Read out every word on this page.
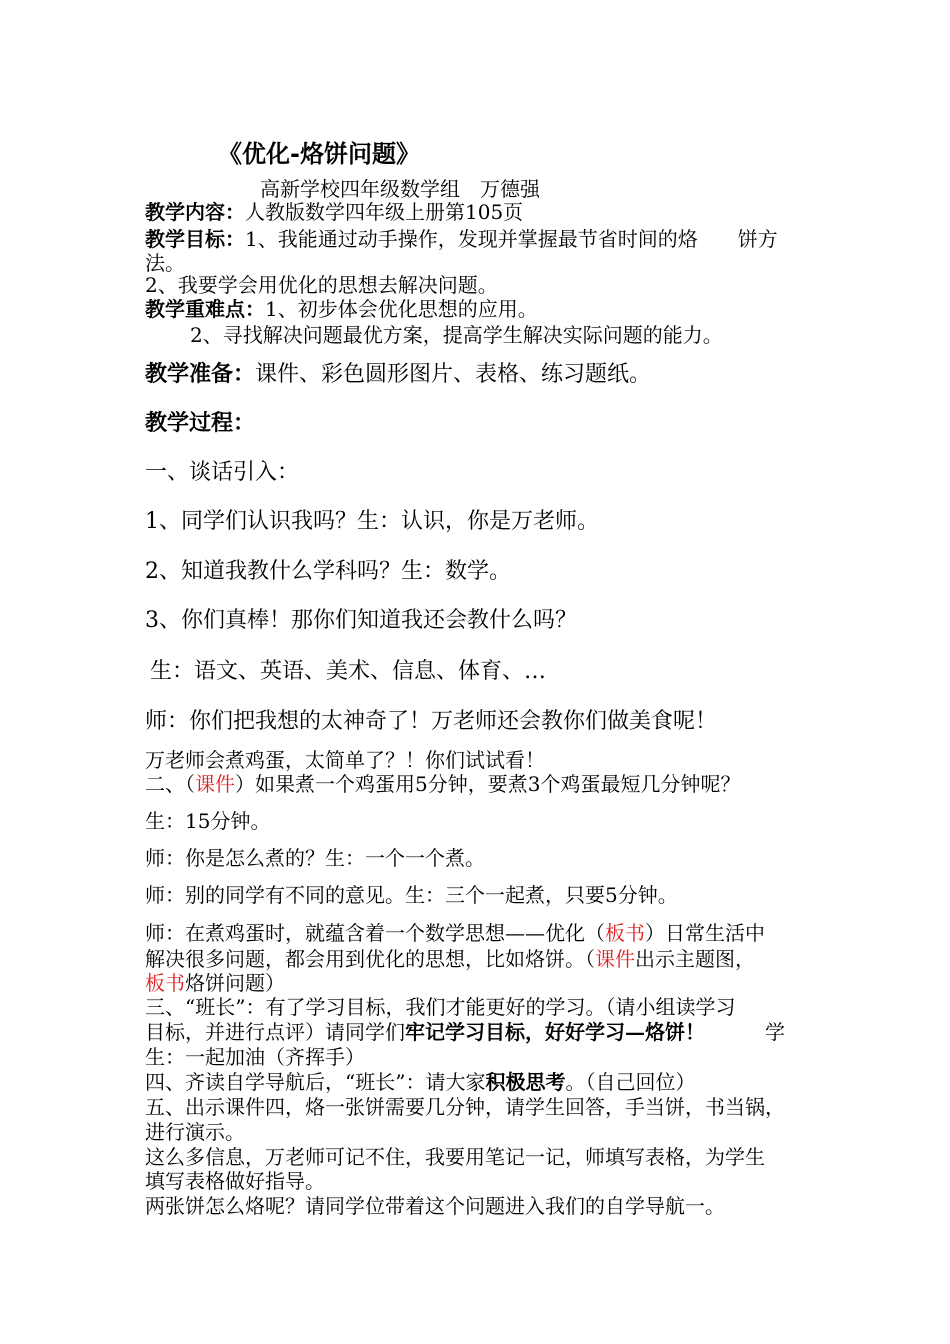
《优化-烙饼问题》

高新学校四年级数学组　万德强

教学内容：人教版数学四年级上册第105页

教学目标：1、我能通过动手操作，发现并掌握最节省时间的烙　　饼方

法。

2、我要学会用优化的思想去解决问题。

教学重难点：1、初步体会优化思想的应用。

2、寻找解决问题最优方案，提高学生解决实际问题的能力。

教学准备：课件、彩色圆形图片、表格、练习题纸。

教学过程：

一、谈话引入：

1、同学们认识我吗？生：认识，你是万老师。

2、知道我教什么学科吗？生：数学。

3、你们真棒！那你们知道我还会教什么吗？

生：语文、英语、美术、信息、体育、…

师：你们把我想的太神奇了！万老师还会教你们做美食呢！

万老师会煮鸡蛋，太简单了？！你们试试看！

二、（课件）如果煮一个鸡蛋用5分钟，要煮3个鸡蛋最短几分钟呢？

生：15分钟。

师：你是怎么煮的？生：一个一个煮。

师：别的同学有不同的意见。生：三个一起煮，只要5分钟。

师：在煮鸡蛋时，就蕴含着一个数学思想——优化（板书）日常生活中

解决很多问题，都会用到优化的思想，比如烙饼。（课件出示主题图，

板书烙饼问题）

三、“班长”：有了学习目标，我们才能更好的学习。（请小组读学习

目标，并进行点评）请同学们牢记学习目标，好好学习—烙饼！　　　学

生：一起加油（齐挥手）

四、齐读自学导航后，“班长”：请大家积极思考。（自己回位）

五、出示课件四，烙一张饼需要几分钟，请学生回答，手当饼，书当锅，

进行演示。

这么多信息，万老师可记不住，我要用笔记一记，师填写表格，为学生

填写表格做好指导。

两张饼怎么烙呢？请同学位带着这个问题进入我们的自学导航一。
